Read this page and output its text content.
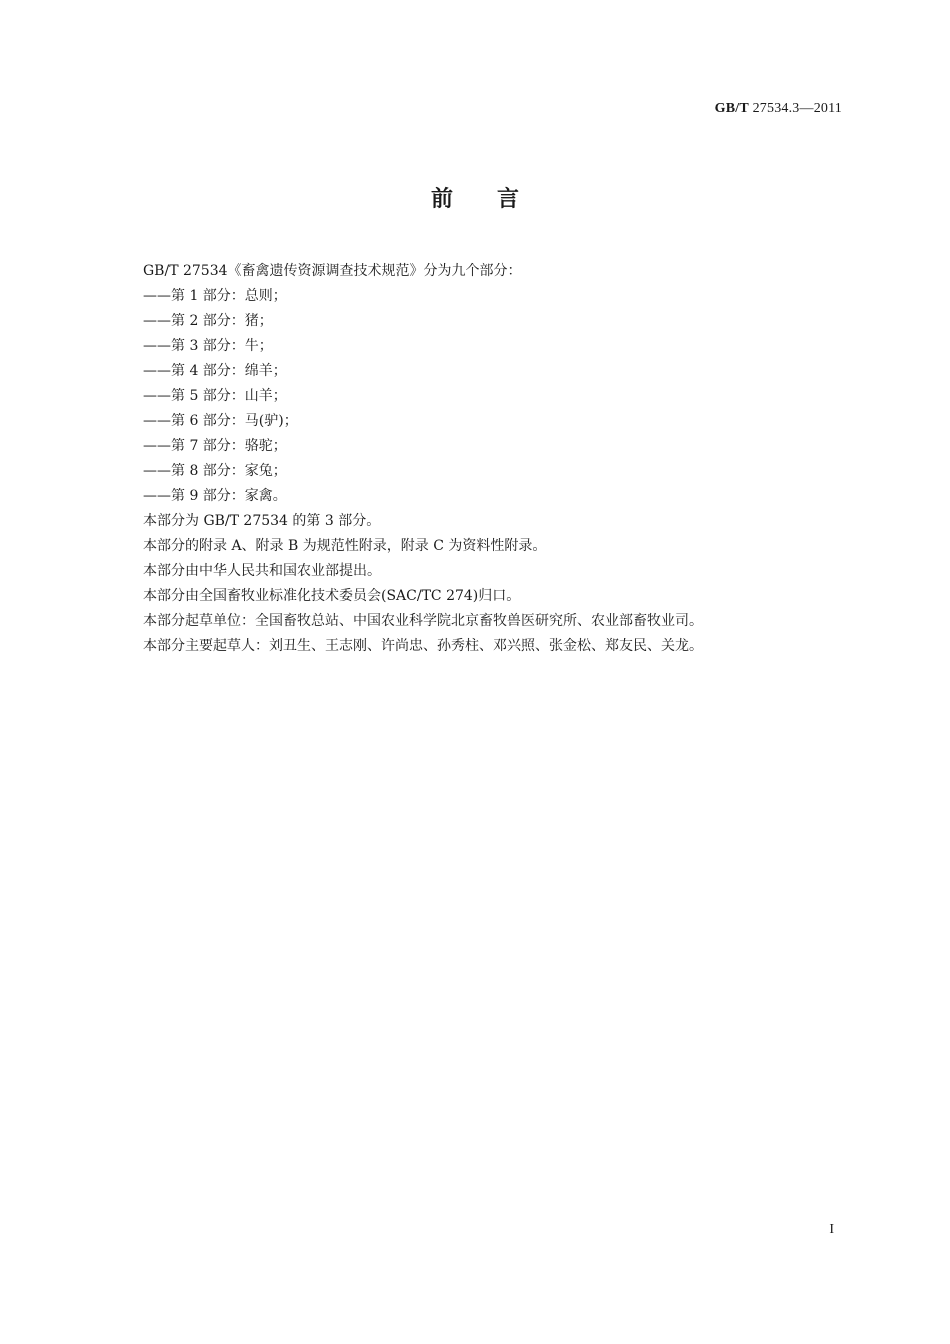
GB/T 27534.3—2011
前言
GB/T 27534《畜禽遗传资源调查技术规范》分为九个部分：
——第 1 部分：总则；
——第 2 部分：猪；
——第 3 部分：牛；
——第 4 部分：绵羊；
——第 5 部分：山羊；
——第 6 部分：马(驴)；
——第 7 部分：骆驼；
——第 8 部分：家兔；
——第 9 部分：家禽。
本部分为 GB/T 27534 的第 3 部分。
本部分的附录 A、附录 B 为规范性附录，附录 C 为资料性附录。
本部分由中华人民共和国农业部提出。
本部分由全国畜牧业标准化技术委员会(SAC/TC 274)归口。
本部分起草单位：全国畜牧总站、中国农业科学院北京畜牧兽医研究所、农业部畜牧业司。
本部分主要起草人：刘丑生、王志刚、许尚忠、孙秀柱、邓兴照、张金松、郑友民、关龙。
I
